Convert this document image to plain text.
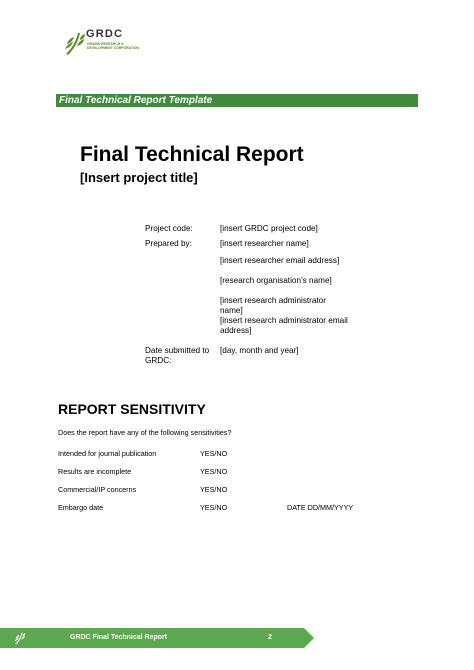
GRDC
GRAINS RESEARCH & DEVELOPMENT CORPORATION
Final Technical Report Template
Final Technical Report
[Insert project title]
Project code:	[insert GRDC project code]
Prepared by:	[insert researcher name]
[insert researcher email address]
[research organisation’s name]
[insert research administrator name]
[insert research administrator email address]
Date submitted to GRDC:
[day, month and year]
REPORT SENSITIVITY
Does the report have any of the following sensitivities?
Intended for journal publication	YES/NO
Results are incomplete	YES/NO
Commercial/IP concerns	YES/NO
Embargo date	YES/NO	DATE DD/MM/YYYY
GRDC Final Technical Report	2
